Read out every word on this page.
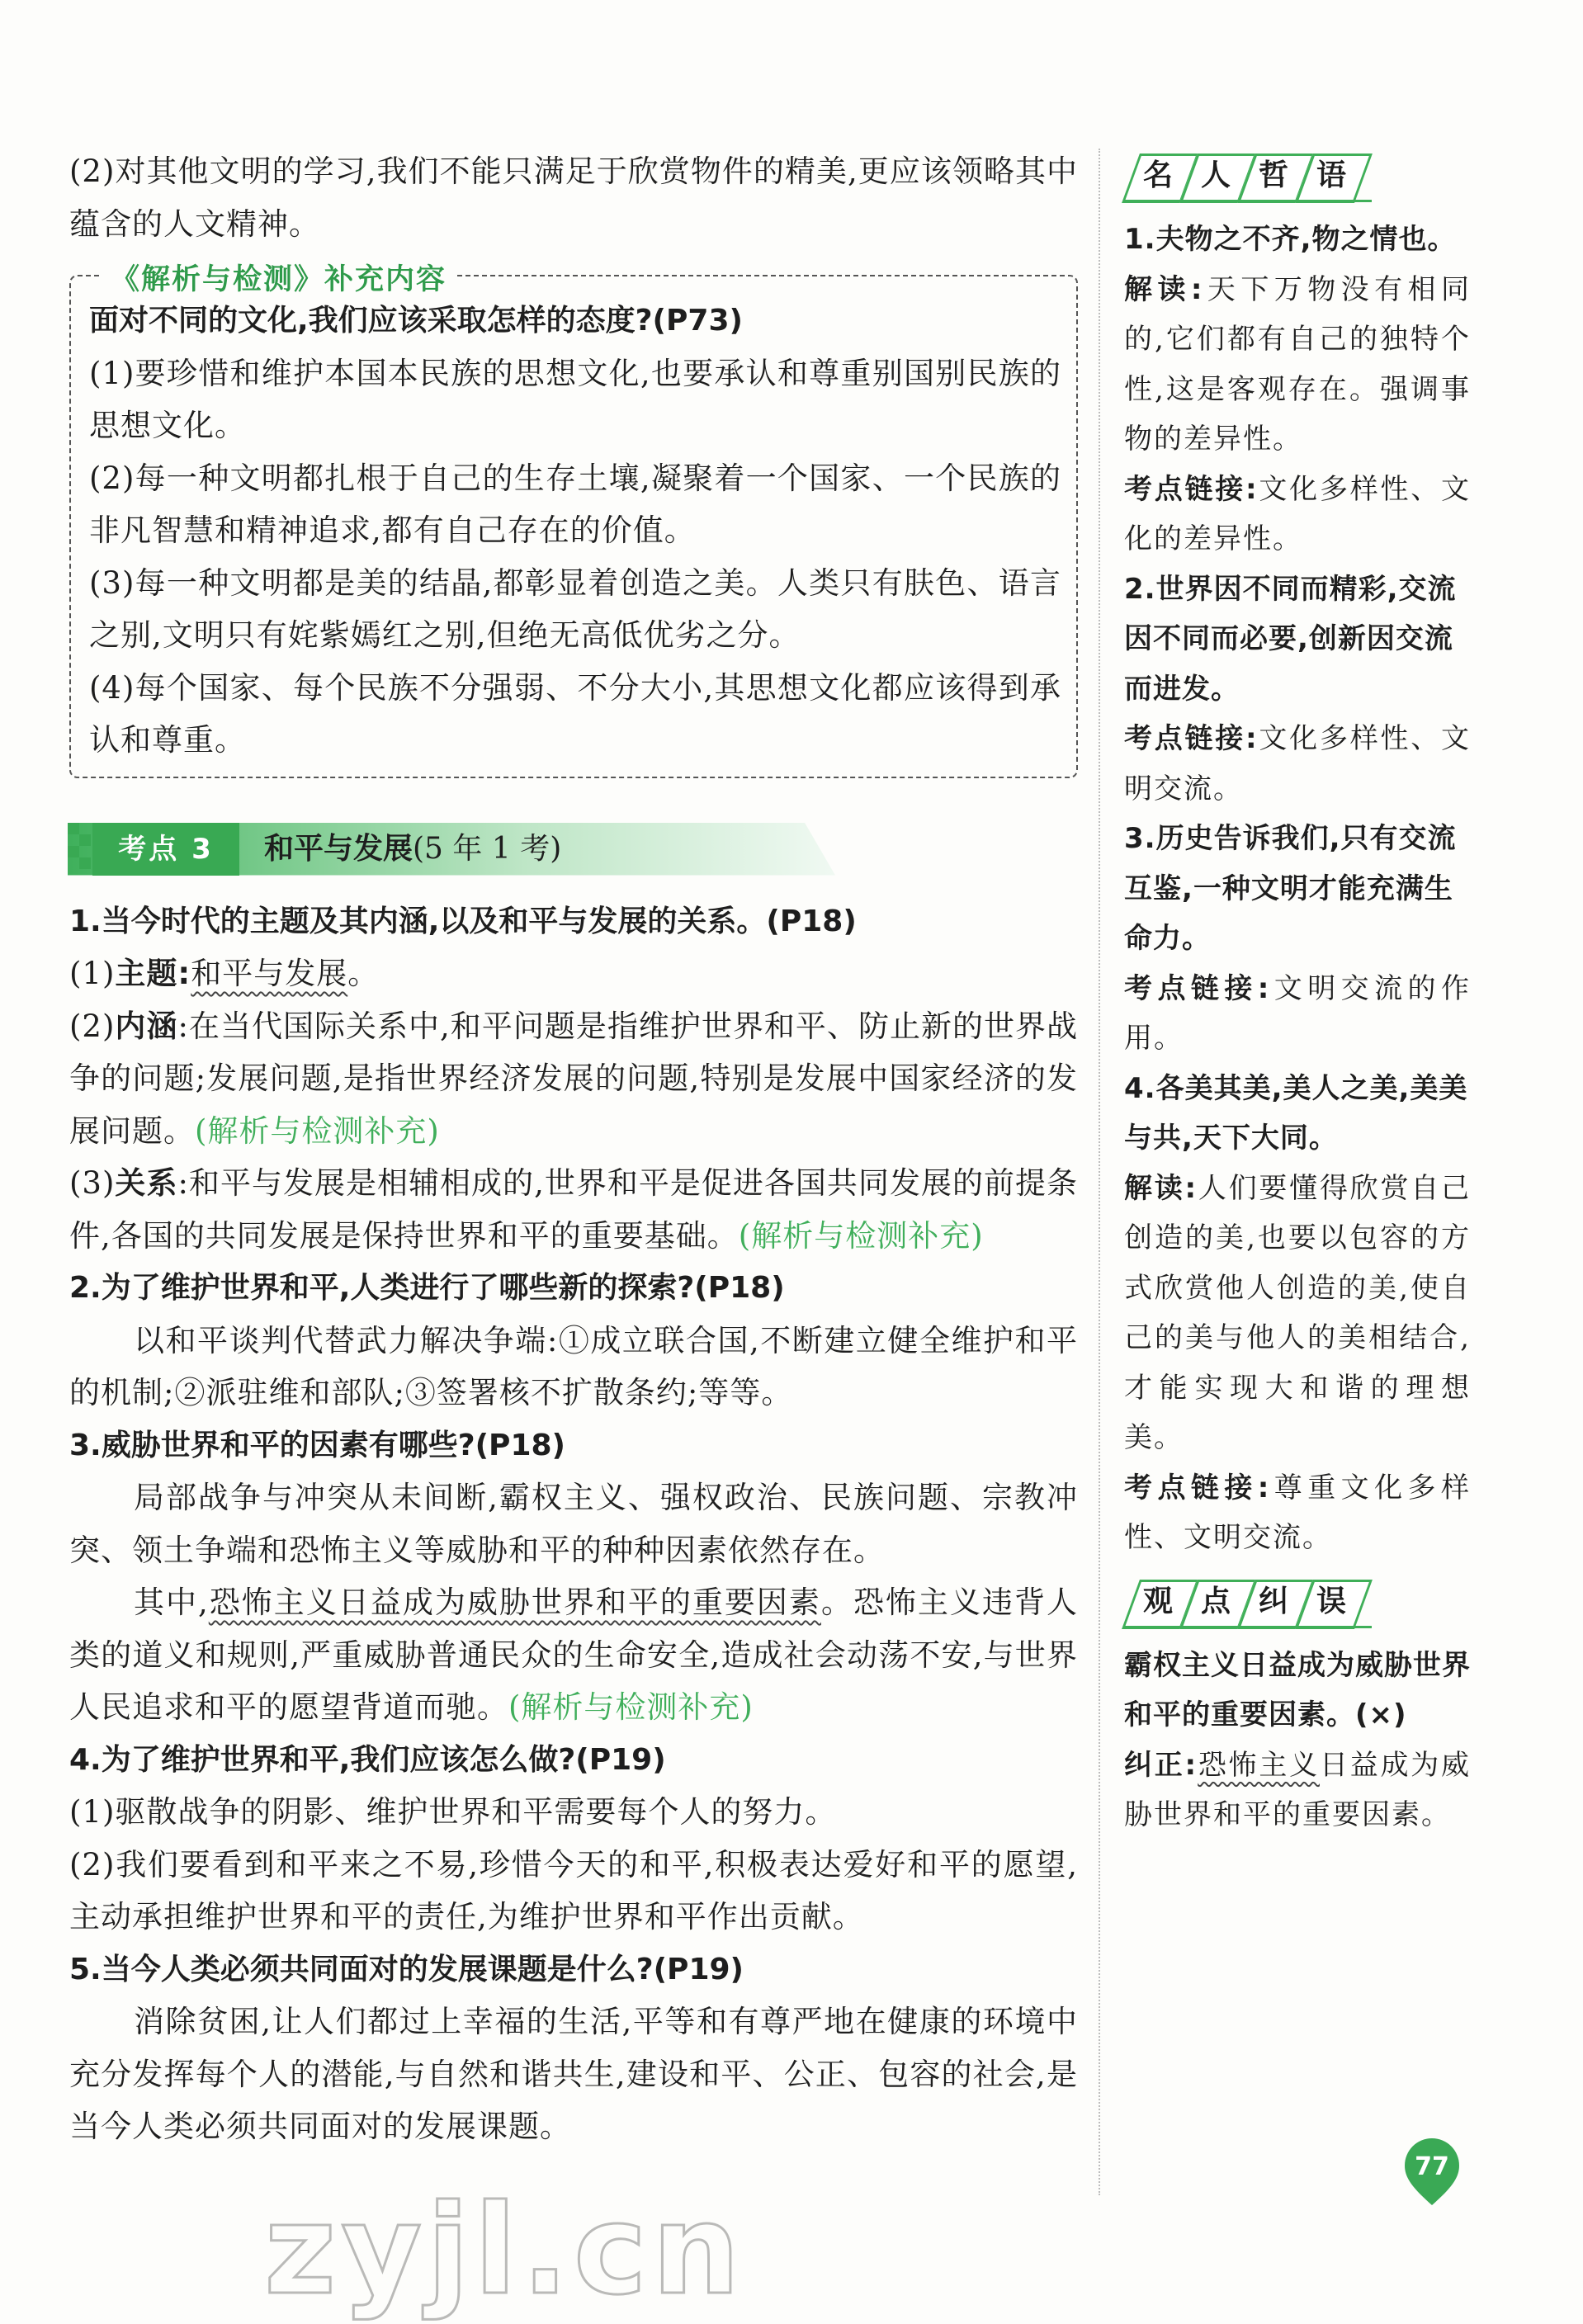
(2)对其他文明的学习,我们不能只满足于欣赏物件的精美,更应该领略其中蕴含的人文精神。

《解析与检测》补充内容

面对不同的文化,我们应该采取怎样的态度?(P73)

(1)要珍惜和维护本国本民族的思想文化,也要承认和尊重别国别民族的思想文化。

(2)每一种文明都扎根于自己的生存土壤,凝聚着一个国家、一个民族的非凡智慧和精神追求,都有自己存在的价值。

(3)每一种文明都是美的结晶,都彰显着创造之美。人类只有肤色、语言之别,文明只有姹紫嫣红之别,但绝无高低优劣之分。

(4)每个国家、每个民族不分强弱、不分大小,其思想文化都应该得到承认和尊重。

考点 3	和平与发展(5 年 1 考)

1.当今时代的主题及其内涵,以及和平与发展的关系。(P18)

(1)主题:和平与发展。

(2)内涵:在当代国际关系中,和平问题是指维护世界和平、防止新的世界战争的问题;发展问题,是指世界经济发展的问题,特别是发展中国家经济的发展问题。(解析与检测补充)

(3)关系:和平与发展是相辅相成的,世界和平是促进各国共同发展的前提条件,各国的共同发展是保持世界和平的重要基础。(解析与检测补充)

2.为了维护世界和平,人类进行了哪些新的探索?(P18)

以和平谈判代替武力解决争端:①成立联合国,不断建立健全维护和平的机制;②派驻维和部队;③签署核不扩散条约;等等。

3.威胁世界和平的因素有哪些?(P18)

局部战争与冲突从未间断,霸权主义、强权政治、民族问题、宗教冲突、领土争端和恐怖主义等威胁和平的种种因素依然存在。

其中,恐怖主义日益成为威胁世界和平的重要因素。恐怖主义违背人类的道义和规则,严重威胁普通民众的生命安全,造成社会动荡不安,与世界人民追求和平的愿望背道而驰。(解析与检测补充)

4.为了维护世界和平,我们应该怎么做?(P19)

(1)驱散战争的阴影、维护世界和平需要每个人的努力。

(2)我们要看到和平来之不易,珍惜今天的和平,积极表达爱好和平的愿望,主动承担维护世界和平的责任,为维护世界和平作出贡献。

5.当今人类必须共同面对的发展课题是什么?(P19)

消除贫困,让人们都过上幸福的生活,平等和有尊严地在健康的环境中充分发挥每个人的潜能,与自然和谐共生,建设和平、公正、包容的社会,是当今人类必须共同面对的发展课题。

名 人 哲 语

1.夫物之不齐,物之情也。

解读:天下万物没有相同的,它们都有自己的独特个性,这是客观存在。强调事物的差异性。

考点链接:文化多样性、文化的差异性。

2.世界因不同而精彩,交流因不同而必要,创新因交流而进发。

考点链接:文化多样性、文明交流。

3.历史告诉我们,只有交流互鉴,一种文明才能充满生命力。

考点链接:文明交流的作用。

4.各美其美,美人之美,美美与共,天下大同。

解读:人们要懂得欣赏自己创造的美,也要以包容的方式欣赏他人创造的美,使自己的美与他人的美相结合,才能实现大和谐的理想美。

考点链接:尊重文化多样性、文明交流。

观 点 纠 误

霸权主义日益成为威胁世界和平的重要因素。(×)

纠正:恐怖主义日益成为威胁世界和平的重要因素。

77
zyjl.cn
